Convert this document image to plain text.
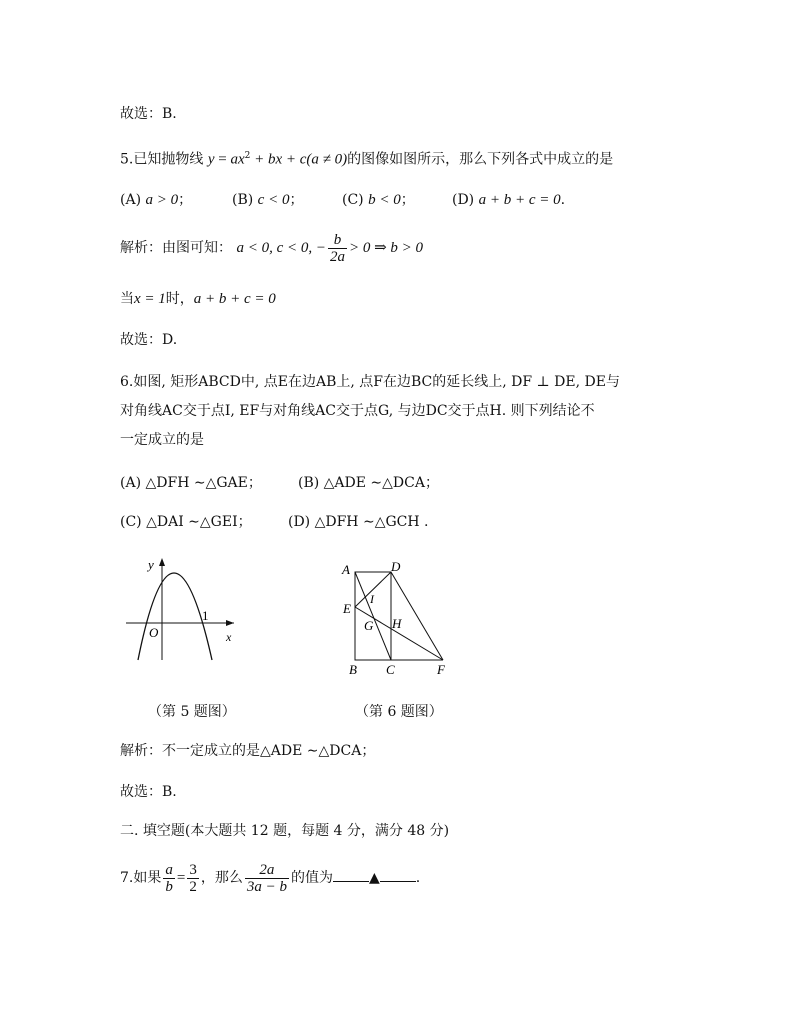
故选：B.
5.已知抛物线 $y = ax^2$ + bx + c(a ≠ 0)的图像如图所示，那么下列各式中成立的是
(A) a > 0；	(B) c < 0；	(C) b < 0；	(D) a + b + c = 0.
解析：由图可知： a < 0, c < 0, − $\frac{b}{2a} > 0$ ⇒ b > 0
当x = 1时，a + b + c = 0
故选：D.
6.如图, 矩形ABCD中, 点E在边AB上, 点F在边BC的延长线上, DF ⊥ DE, DE与
对角线AC交于点I, EF与对角线AC交于点G, 与边DC交于点H. 则下列结论不
一定成立的是
(A) △DFH ∼△GAE；	(B) △ADE ∼△DCA；
(C) △DAI ∼△GEI；	(D) △DFH ∼△GCH .
y
x
O
1
A	D
E
I
G H
B C	F
（第 5 题图）	（第 6 题图）
解析：不一定成立的是△ADE ∼△DCA；
故选：B.
二. 填空题(本大题共 12 题，每题 4 分，满分 48 分)
7.如果 $\frac{a}{b} = \frac{3}{2}$ ，那么 $\frac{2a}{3a - b}$ 的值为	▲	.
